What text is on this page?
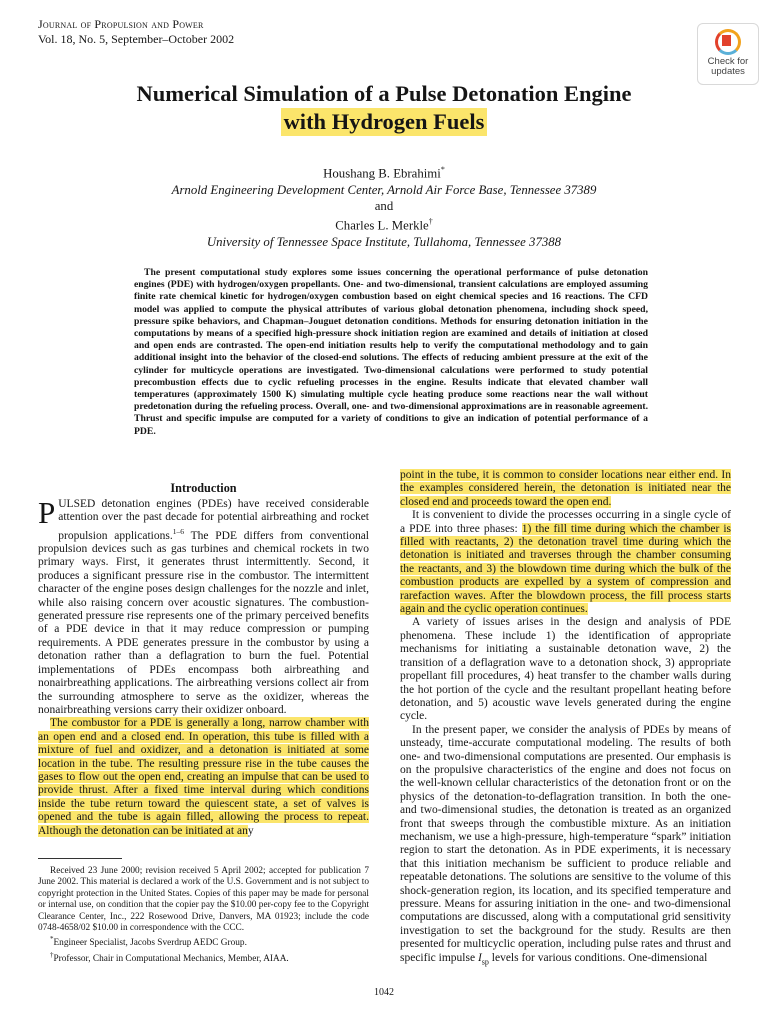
Journal of Propulsion and Power
Vol. 18, No. 5, September–October 2002
Check for
updates
Numerical Simulation of a Pulse Detonation Engine
with Hydrogen Fuels
Houshang B. Ebrahimi*
Arnold Engineering Development Center, Arnold Air Force Base, Tennessee 37389
and
Charles L. Merkle†
University of Tennessee Space Institute, Tullahoma, Tennessee 37388
The present computational study explores some issues concerning the operational performance of pulse detonation engines (PDE) with hydrogen/oxygen propellants. One- and two-dimensional, transient calculations are employed assuming finite rate chemical kinetic for hydrogen/oxygen combustion based on eight chemical species and 16 reactions. The CFD model was applied to compute the physical attributes of various global detonation phenomena, including shock speed, pressure spike behaviors, and Chapman–Jouguet detonation conditions. Methods for ensuring detonation initiation in the computations by means of a specified high-pressure shock initiation region are examined and details of initiation at closed and open ends are contrasted. The open-end initiation results help to verify the computational methodology and to gain additional insight into the behavior of the closed-end solutions. The effects of reducing ambient pressure at the exit of the cylinder for multicycle operations are investigated. Two-dimensional calculations were performed to study potential precombustion effects due to cyclic refueling processes in the engine. Results indicate that elevated chamber wall temperatures (approximately 1500 K) simulating multiple cycle heating produce some reactions near the wall without predetonation during the refueling process. Overall, one- and two-dimensional approximations are in reasonable agreement. Thrust and specific impulse are computed for a variety of conditions to give an indication of potential performance of a PDE.
Introduction

PULSED detonation engines (PDEs) have received considerable attention over the past decade for potential airbreathing and rocket propulsion applications.$^{1-6}$ The PDE differs from conventional propulsion devices such as gas turbines and chemical rockets in two primary ways. First, it generates thrust intermittently. Second, it produces a significant pressure rise in the combustor. The intermittent character of the engine poses design challenges for the nozzle and inlet, while also raising concern over acoustic signatures. The combustion-generated pressure rise represents one of the primary perceived benefits of a PDE device in that it may reduce compression or pumping requirements. A PDE generates pressure in the combustor by using a detonation rather than a deflagration to burn the fuel. Potential implementations of PDEs encompass both airbreathing and nonairbreathing applications. The airbreathing versions collect air from the surrounding atmosphere to serve as the oxidizer, whereas the nonairbreathing versions carry their oxidizer onboard.

The combustor for a PDE is generally a long, narrow chamber with an open end and a closed end. In operation, this tube is filled with a mixture of fuel and oxidizer, and a detonation is initiated at some location in the tube. The resulting pressure rise in the tube causes the gases to flow out the open end, creating an impulse that can be used to provide thrust. After a fixed time interval during which conditions inside the tube return toward the quiescent state, a set of valves is opened and the tube is again filled, allowing the process to repeat. Although the detonation can be initiated at any

point in the tube, it is common to consider locations near either end. In the examples considered herein, the detonation is initiated near the closed end and proceeds toward the open end.

It is convenient to divide the processes occurring in a single cycle of a PDE into three phases: 1) the fill time during which the chamber is filled with reactants, 2) the detonation travel time during which the detonation is initiated and traverses through the chamber consuming the reactants, and 3) the blowdown time during which the bulk of the combustion products are expelled by a system of compression and rarefaction waves. After the blowdown process, the fill process starts again and the cyclic operation continues.

A variety of issues arises in the design and analysis of PDE phenomena. These include 1) the identification of appropriate mechanisms for initiating a sustainable detonation wave, 2) the transition of a deflagration wave to a detonation shock, 3) appropriate propellant fill procedures, 4) heat transfer to the chamber walls during the hot portion of the cycle and the resultant propellant heating before detonation, and 5) acoustic wave levels generated during the engine cycle.

In the present paper, we consider the analysis of PDEs by means of unsteady, time-accurate computational modeling. The results of both one- and two-dimensional computations are presented. Our emphasis is on the propulsive characteristics of the engine and does not focus on the well-known cellular characteristics of the detonation front or on the physics of the detonation-to-deflagration transition. In both the one- and two-dimensional studies, the detonation is treated as an organized front that sweeps through the combustible mixture. As an initiation mechanism, we use a high-pressure, high-temperature “spark” initiation region to start the detonation. As in PDE experiments, it is necessary that this initiation mechanism be sufficient to produce reliable and repeatable detonations. The solutions are sensitive to the volume of this shock-generation region, its location, and its specified temperature and pressure. Means for assuring initiation in the one- and two-dimensional computations are discussed, along with a computational grid sensitivity investigation to set the background for the study. Results are then presented for multicyclic operation, including pulse rates and thrust and specific impulse $I_{sp}$ levels for various conditions. One-dimensional

Received 23 June 2000; revision received 5 April 2002; accepted for publication 7 June 2002. This material is declared a work of the U.S. Government and is not subject to copyright protection in the United States. Copies of this paper may be made for personal or internal use, on condition that the copier pay the $10.00 per-copy fee to the Copyright Clearance Center, Inc., 222 Rosewood Drive, Danvers, MA 01923; include the code 0748-4658/02 $10.00 in correspondence with the CCC.
*Engineer Specialist, Jacobs Sverdrup AEDC Group.
†Professor, Chair in Computational Mechanics, Member, AIAA.
1042
